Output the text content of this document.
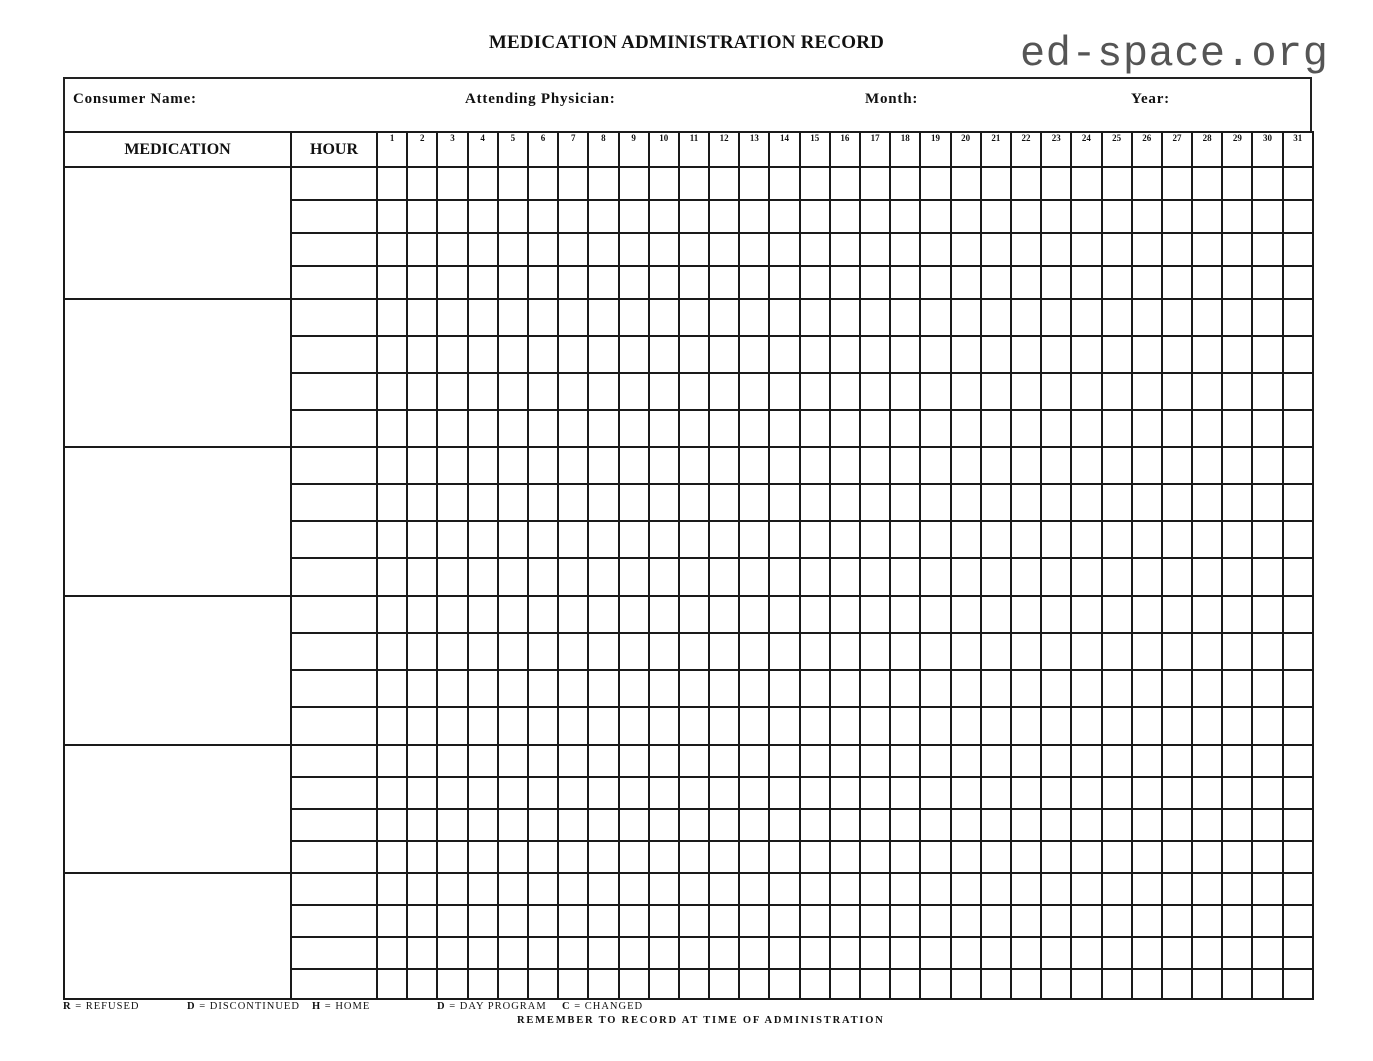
MEDICATION ADMINISTRATION RECORD	ed-space.org
Consumer Name:	Attending Physician:	Month:	Year:
MEDICATION	HOUR	1	2	3	4	5	6	7	8	9	10	11	12	13	14	15	16	17	18	19	20	21	22	23	24	25	26	27	28	29	30	31

R = REFUSED	D = DISCONTINUED H = HOME	D = DAY PROGRAM C = CHANGED
REMEMBER TO RECORD AT TIME OF ADMINISTRATION
